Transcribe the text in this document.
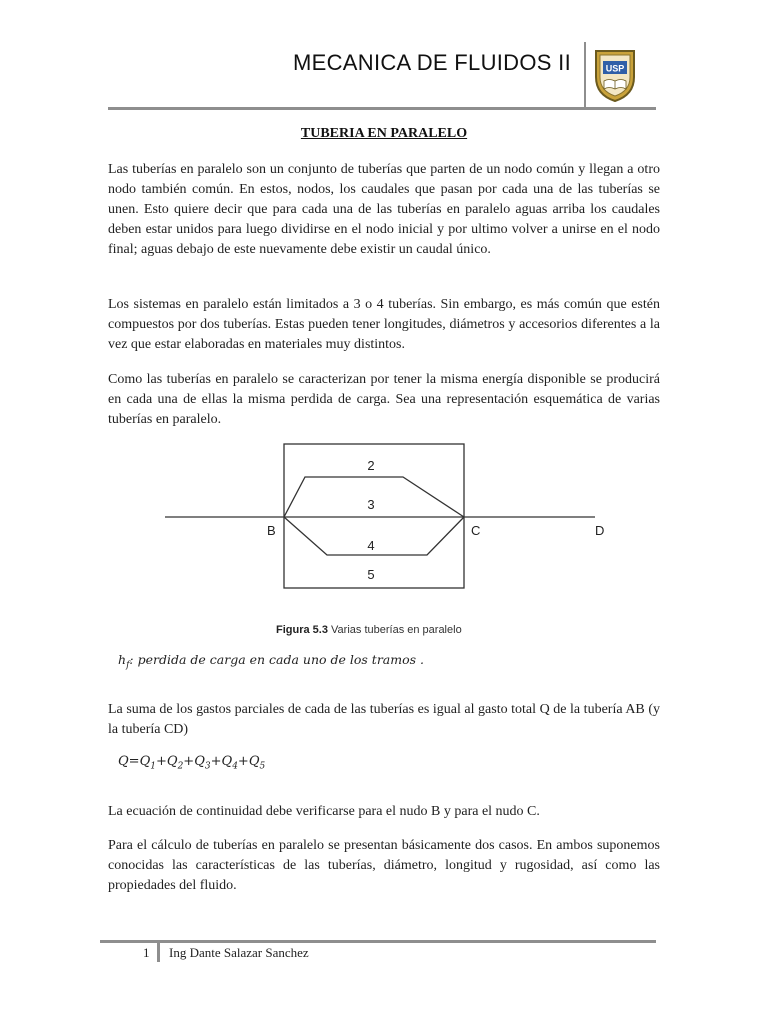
MECANICA DE FLUIDOS II	USP
TUBERIA EN PARALELO

Las tuberías en paralelo son un conjunto de tuberías que parten de un nodo común y llegan a otro nodo también común. En estos, nodos, los caudales que pasan por cada una de las tuberías se unen. Esto quiere decir que para cada una de las tuberías en paralelo aguas arriba los caudales deben estar unidos para luego dividirse en el nodo inicial y por ultimo volver a unirse en el nodo final; aguas debajo de este nuevamente debe existir un caudal único.

Los sistemas en paralelo están limitados a 3 o 4 tuberías. Sin embargo, es más común que estén compuestos por dos tuberías. Estas pueden tener longitudes, diámetros y accesorios diferentes a la vez que estar elaboradas en materiales muy distintos.

Como las tuberías en paralelo se caracterizan por tener la misma energía disponible se producirá en cada una de ellas la misma perdida de carga. Sea una representación esquemática de varias tuberías en paralelo.

2
3
4
5
B	C	D
Figura 5.3 Varias tuberías en paralelo
$h_f$: perdida de carga en cada uno de los tramos .

La suma de los gastos parciales de cada de las tuberías es igual al gasto total Q de la tubería AB (y la tubería CD)

$Q=Q_1+Q_2+Q_3+Q_4+Q_5$

La ecuación de continuidad debe verificarse para el nudo B y para el nudo C.

Para el cálculo de tuberías en paralelo se presentan básicamente dos casos. En ambos suponemos conocidas las características de las tuberías, diámetro, longitud y rugosidad, así como las propiedades del fluido.

1 Ing Dante Salazar Sanchez
